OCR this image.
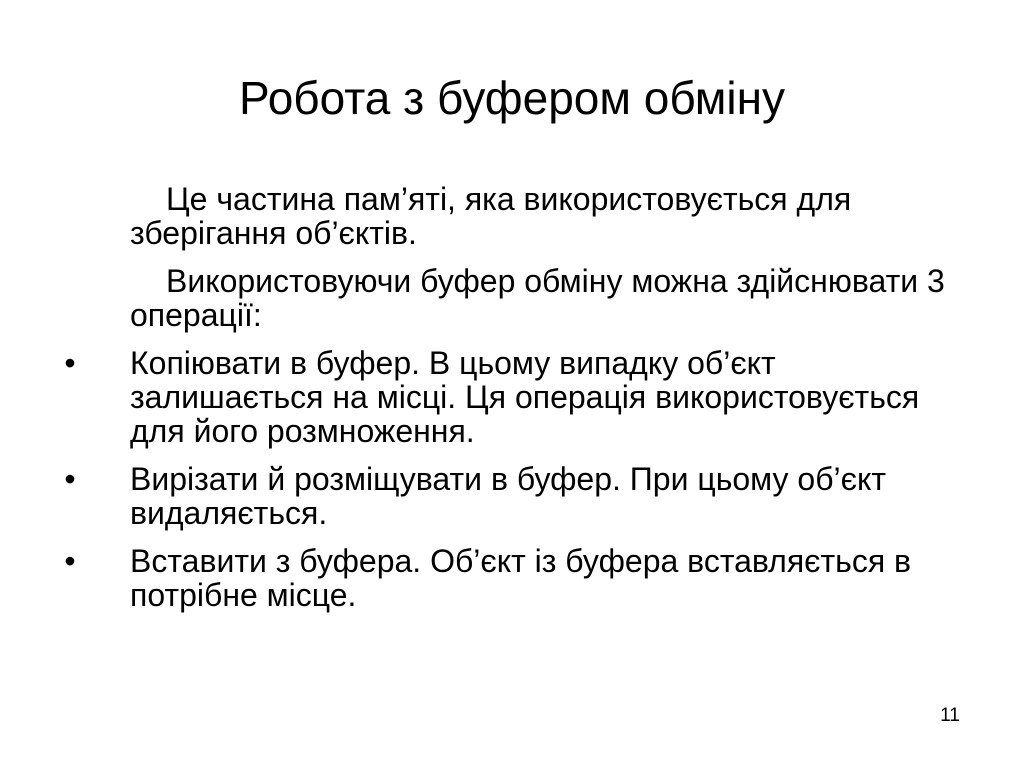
Робота з буфером обміну

Це частина пам’яті, яка використовується для зберігання об’єктів.

Використовуючи буфер обміну можна здійснювати 3 операції:

• Копіювати в буфер. В цьому випадку об’єкт залишається на місці. Ця операція використовується для його розмноження.
• Вирізати й розміщувати в буфер. При цьому об’єкт видаляється.
• Вставити з буфера. Об’єкт із буфера вставляється в потрібне місце.
11
